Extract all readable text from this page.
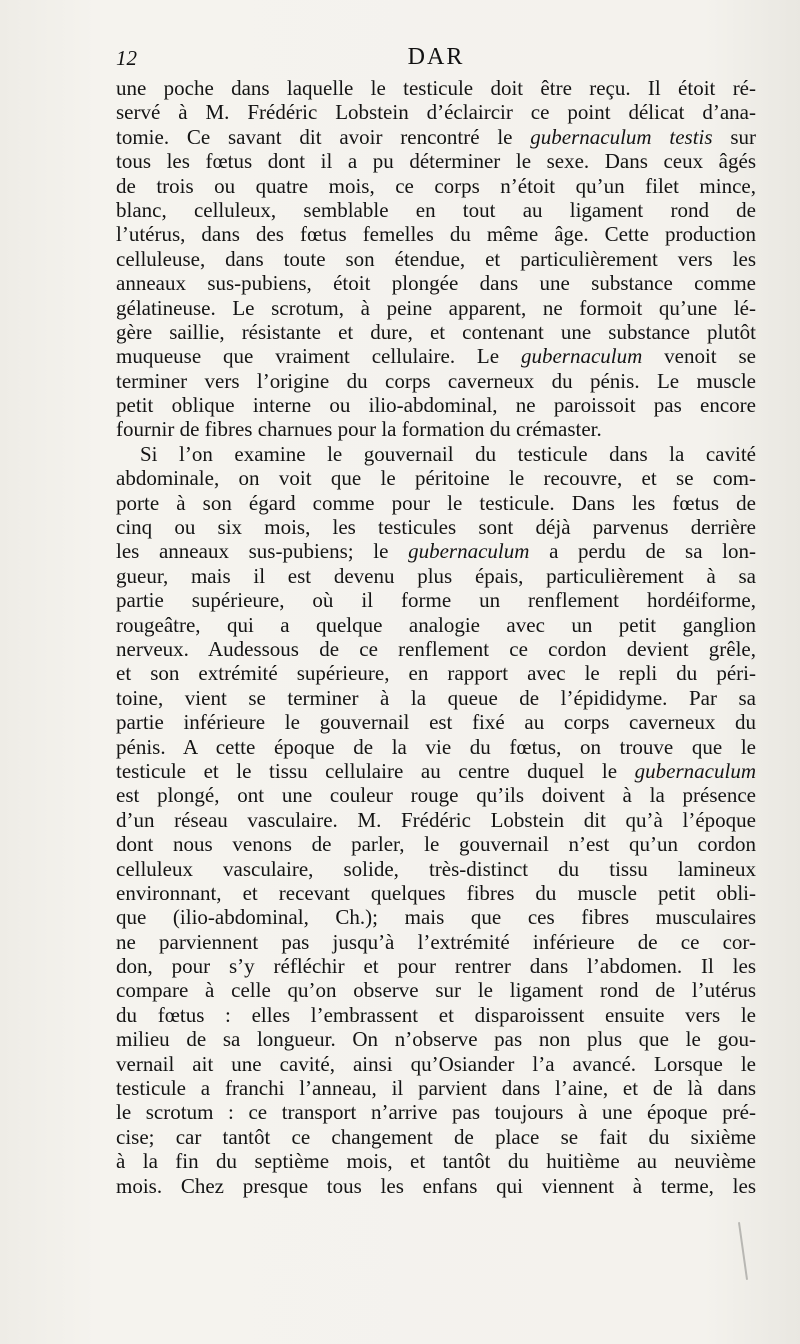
12	DAR
une poche dans laquelle le testicule doit être reçu. Il étoit ré-
servé à M. Frédéric Lobstein d’éclaircir ce point délicat d’ana-
tomie. Ce savant dit avoir rencontré le gubernaculum testis sur
tous les fœtus dont il a pu déterminer le sexe. Dans ceux âgés
de trois ou quatre mois, ce corps n’étoit qu’un filet mince,
blanc, celluleux, semblable en tout au ligament rond de
l’utérus, dans des fœtus femelles du même âge. Cette production
celluleuse, dans toute son étendue, et particulièrement vers les
anneaux sus-pubiens, étoit plongée dans une substance comme
gélatineuse. Le scrotum, à peine apparent, ne formoit qu’une lé-
gère saillie, résistante et dure, et contenant une substance plutôt
muqueuse que vraiment cellulaire. Le gubernaculum venoit se
terminer vers l’origine du corps caverneux du pénis. Le muscle
petit oblique interne ou ilio-abdominal, ne paroissoit pas encore
fournir de fibres charnues pour la formation du crémaster.
Si l’on examine le gouvernail du testicule dans la cavité
abdominale, on voit que le péritoine le recouvre, et se com-
porte à son égard comme pour le testicule. Dans les fœtus de
cinq ou six mois, les testicules sont déjà parvenus derrière
les anneaux sus-pubiens; le gubernaculum a perdu de sa lon-
gueur, mais il est devenu plus épais, particulièrement à sa
partie supérieure, où il forme un renflement hordéiforme,
rougeâtre, qui a quelque analogie avec un petit ganglion
nerveux. Audessous de ce renflement ce cordon devient grêle,
et son extrémité supérieure, en rapport avec le repli du péri-
toine, vient se terminer à la queue de l’épididyme. Par sa
partie inférieure le gouvernail est fixé au corps caverneux du
pénis. A cette époque de la vie du fœtus, on trouve que le
testicule et le tissu cellulaire au centre duquel le gubernaculum
est plongé, ont une couleur rouge qu’ils doivent à la présence
d’un réseau vasculaire. M. Frédéric Lobstein dit qu’à l’époque
dont nous venons de parler, le gouvernail n’est qu’un cordon
celluleux vasculaire, solide, très-distinct du tissu lamineux
environnant, et recevant quelques fibres du muscle petit obli-
que (ilio-abdominal, Ch.); mais que ces fibres musculaires
ne parviennent pas jusqu’à l’extrémité inférieure de ce cor-
don, pour s’y réfléchir et pour rentrer dans l’abdomen. Il les
compare à celle qu’on observe sur le ligament rond de l’utérus
du fœtus : elles l’embrassent et disparoissent ensuite vers le
milieu de sa longueur. On n’observe pas non plus que le gou-
vernail ait une cavité, ainsi qu’Osiander l’a avancé. Lorsque le
testicule a franchi l’anneau, il parvient dans l’aine, et de là dans
le scrotum : ce transport n’arrive pas toujours à une époque pré-
cise; car tantôt ce changement de place se fait du sixième
à la fin du septième mois, et tantôt du huitième au neuvième
mois. Chez presque tous les enfans qui viennent à terme, les
